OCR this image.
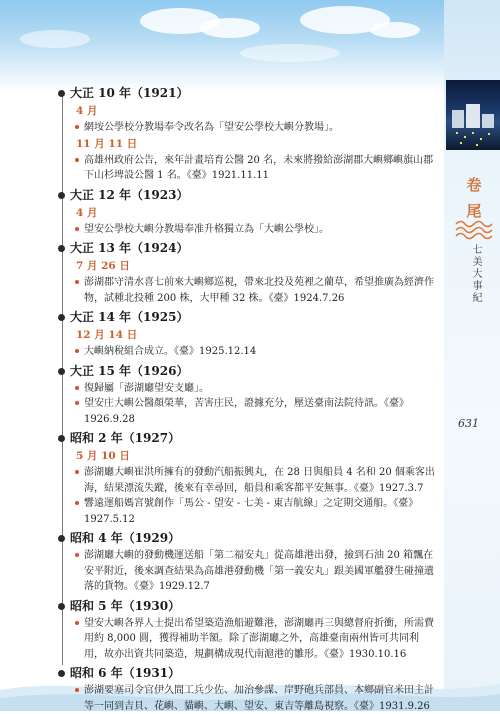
卷
尾
七美大事紀
631
大正 10 年（1921）
4 月
網垵公學校分教場奉令改名為「望安公學校大嶼分教場」。
11 月 11 日
高雄州政府公告，來年計畫培育公醫 20 名，未來將撥給澎湖郡大嶼鄉嶼旗山郡下山杉埤設公醫 1 名。《臺》1921.11.11
大正 12 年（1923）
4 月
望安公學校大嶼分教場奉准升格獨立為「大嶼公學校」。
大正 13 年（1924）
7 月 26 日
澎湖郡守清水喜七前來大嶼鄉巡視，帶來北投及苑裡之藺草，希望推廣為經濟作物，試種北投種 200 株，大甲種 32 株。《臺》1924.7.26
大正 14 年（1925）
12 月 14 日
大嶼納稅組合成立。《臺》1925.12.14
大正 15 年（1926）
復歸屬「澎湖廳望安支廳」。
望安庄大嶼公醫顏榮華，苦害庄民，證據充分，壓送臺南法院待訊。《臺》1926.9.28
昭和 2 年（1927）
5 月 10 日
澎湖廳大嶼崔洪所擁有的發動汽船振興丸，在 28 日與船員 4 名和 20 個乘客出海，結果漂流失蹤，後來有幸尋回，船員和乘客都平安無事。《臺》1927.3.7
響遠運船媽宮號創作「馬公 - 望安 - 七美 - 東吉航線」之定期交通船。《臺》1927.5.12
昭和 4 年（1929）
澎湖廳大嶼的發動機運送船「第二福安丸」從高雄港出發，撿到石油 20 箱飄在安平附近，後來調查結果為高雄港發動機「第一義安丸」跟美國軍艦發生碰撞遺落的貨物。《臺》1929.12.7
昭和 5 年（1930）
望安大嶼各界人士提出希望築造漁船避難港，澎湖廳再三與總督府折衝，所需費用約 8,000 圓，獲得補助半額。除了澎湖廳之外，高雄臺南兩州皆可共同利用，故亦出資共同築造，規劃構成現代南滬港的雛形。《臺》1930.10.16
昭和 6 年（1931）
澎湖要塞司令官伊久間工兵少佐、加治參謀、岸野砲兵部員、本鄉副官米田主計等一同到吉貝、花嶼、貓嶼、大嶼、望安、東吉等離島視察。《臺》1931.9.26
